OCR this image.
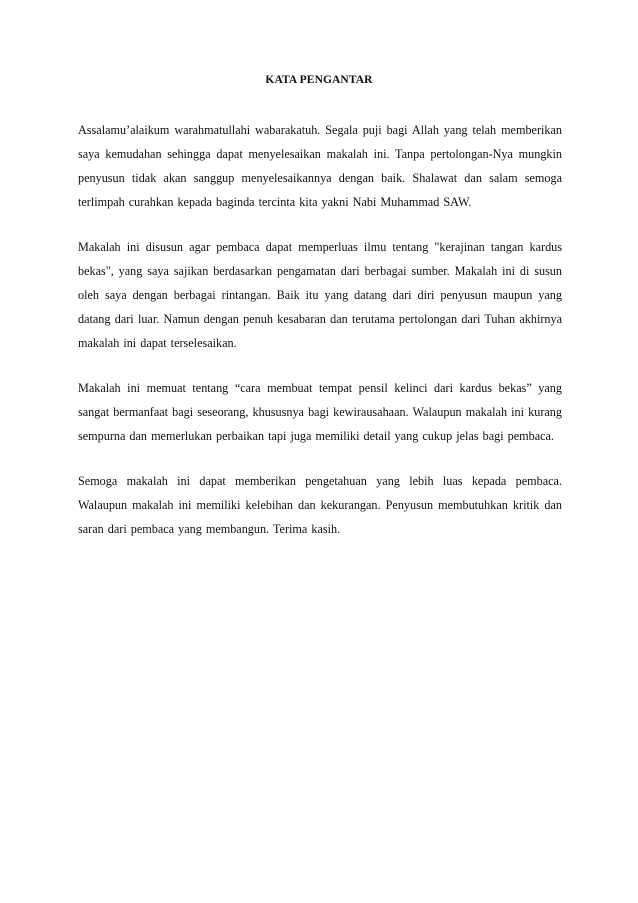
KATA PENGANTAR

Assalamu’alaikum warahmatullahi wabarakatuh. Segala puji bagi Allah yang telah memberikan saya kemudahan sehingga dapat menyelesaikan makalah ini. Tanpa pertolongan-Nya mungkin penyusun tidak akan sanggup menyelesaikannya dengan baik. Shalawat dan salam semoga terlimpah curahkan kepada baginda tercinta kita yakni Nabi Muhammad SAW.

Makalah ini disusun agar pembaca dapat memperluas ilmu tentang "kerajinan tangan kardus bekas", yang saya sajikan berdasarkan pengamatan dari berbagai sumber. Makalah ini di susun oleh saya dengan berbagai rintangan. Baik itu yang datang dari diri penyusun maupun yang datang dari luar. Namun dengan penuh kesabaran dan terutama pertolongan dari Tuhan akhirnya makalah ini dapat terselesaikan.

Makalah ini memuat tentang “cara membuat tempat pensil kelinci dari kardus bekas” yang sangat bermanfaat bagi seseorang, khususnya bagi kewirausahaan. Walaupun makalah ini kurang sempurna dan memerlukan perbaikan tapi juga memiliki detail yang cukup jelas bagi pembaca.

Semoga makalah ini dapat memberikan pengetahuan yang lebih luas kepada pembaca. Walaupun makalah ini memiliki kelebihan dan kekurangan. Penyusun membutuhkan kritik dan saran dari pembaca yang membangun. Terima kasih.
